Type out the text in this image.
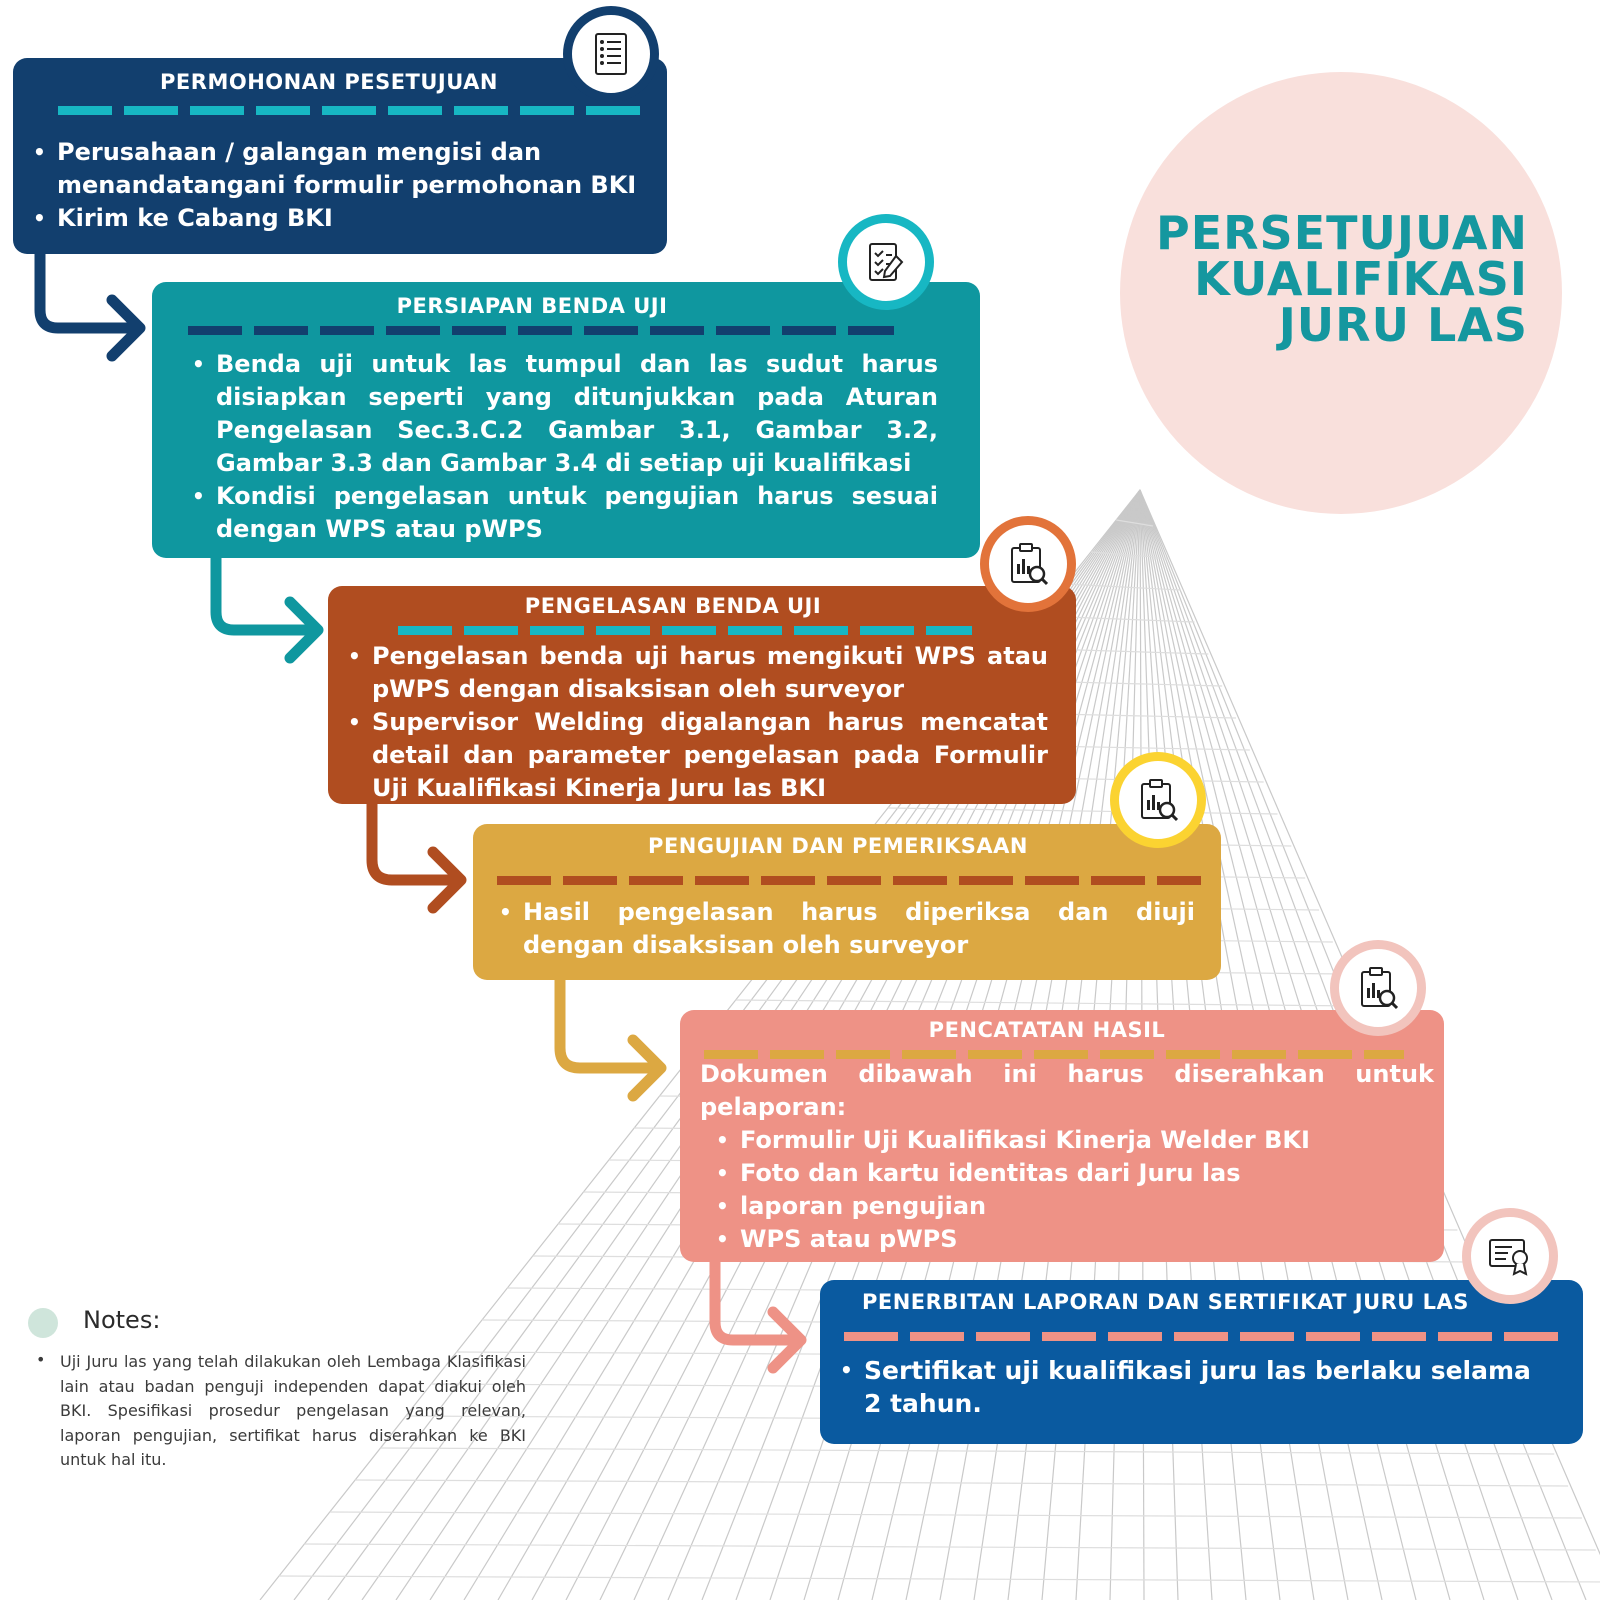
PERSETUJUAN
KUALIFIKASI
JURU LAS
PERMOHONAN PESETUJUAN
• Perusahaan / galangan mengisi dan menandatangani formulir permohonan BKI
• Kirim ke Cabang BKI
PERSIAPAN BENDA UJI
• Benda uji untuk las tumpul dan las sudut harus disiapkan seperti yang ditunjukkan pada Aturan Pengelasan Sec.3.C.2 Gambar 3.1, Gambar 3.2, Gambar 3.3 dan Gambar 3.4 di setiap uji kualifikasi
• Kondisi pengelasan untuk pengujian harus sesuai dengan WPS atau pWPS
PENGELASAN BENDA UJI
• Pengelasan benda uji harus mengikuti WPS atau pWPS dengan disaksisan oleh surveyor
• Supervisor Welding digalangan harus mencatat detail dan parameter pengelasan pada Formulir Uji Kualifikasi Kinerja Juru las BKI
PENGUJIAN DAN PEMERIKSAAN
• Hasil pengelasan harus diperiksa dan diuji dengan disaksisan oleh surveyor
PENCATATAN HASIL
Dokumen dibawah ini harus diserahkan untuk pelaporan:
• Formulir Uji Kualifikasi Kinerja Welder BKI
• Foto dan kartu identitas dari Juru las
• laporan pengujian
• WPS atau pWPS
PENERBITAN LAPORAN DAN SERTIFIKAT JURU LAS
• Sertifikat uji kualifikasi juru las berlaku selama 2 tahun.
Notes:
• Uji Juru las yang telah dilakukan oleh Lembaga Klasifikasi lain atau badan penguji independen dapat diakui oleh BKI. Spesifikasi prosedur pengelasan yang relevan, laporan pengujian, sertifikat harus diserahkan ke BKI untuk hal itu.
